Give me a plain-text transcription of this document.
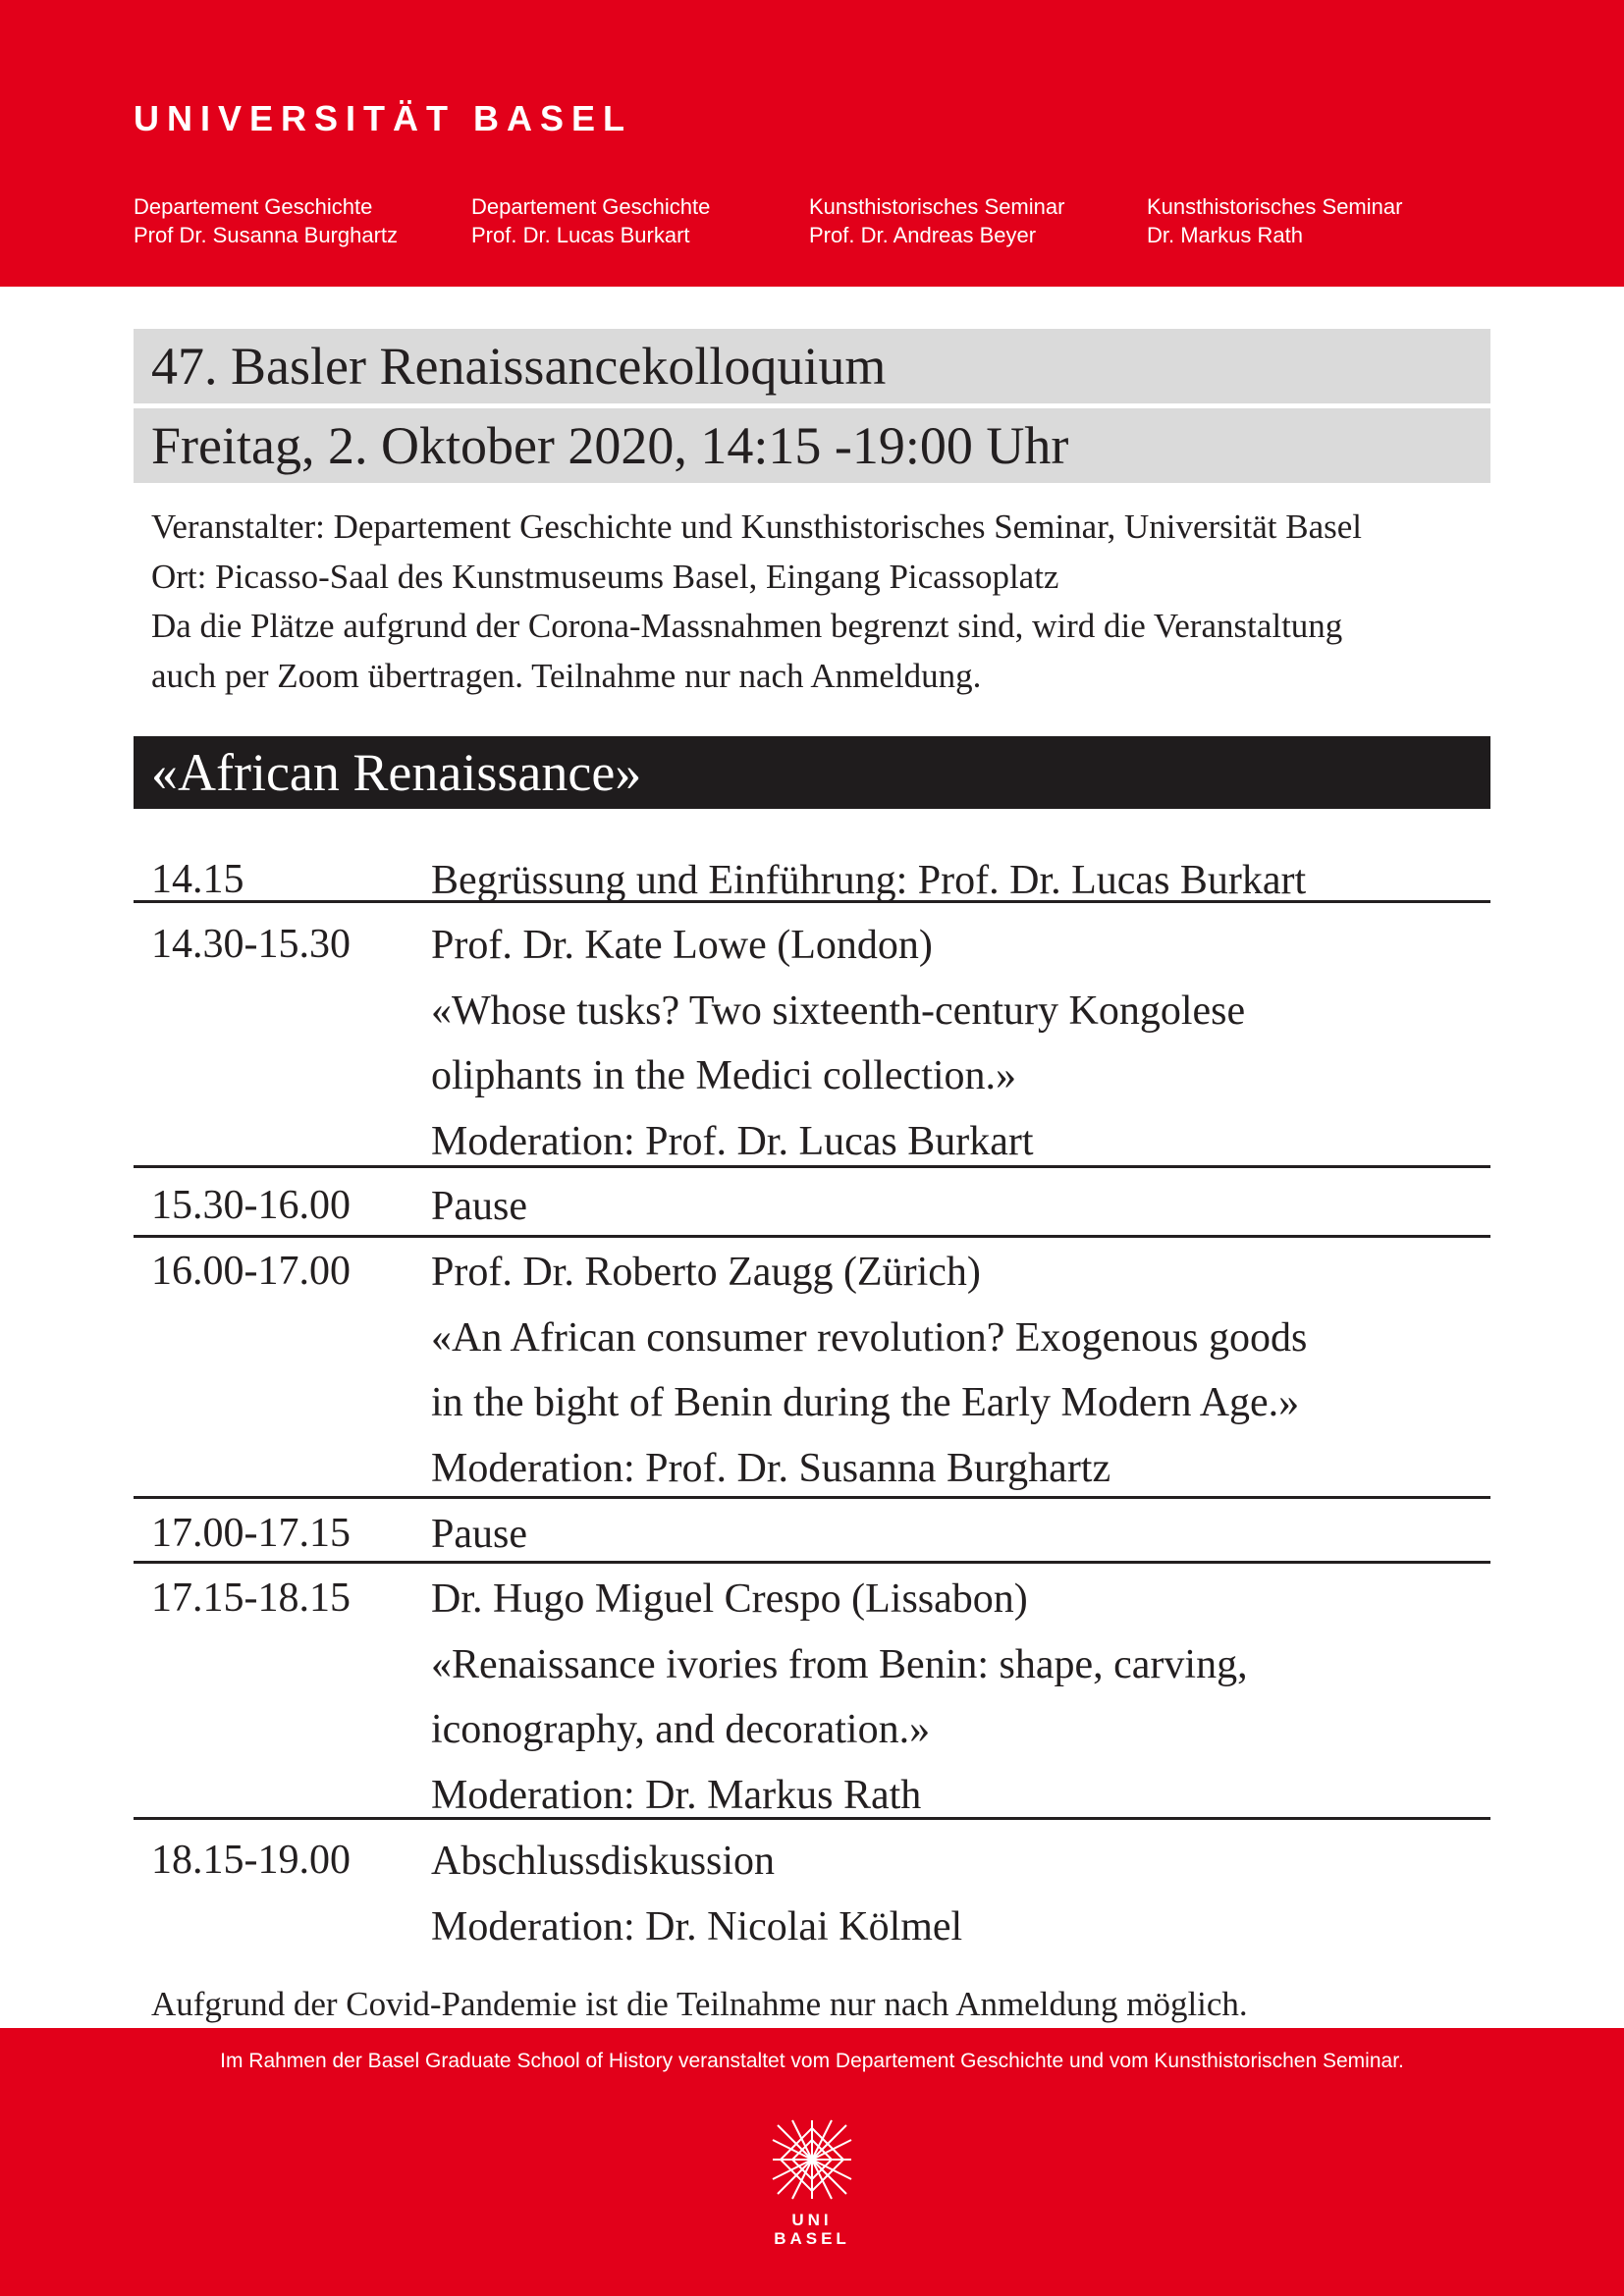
UNIVERSITÄT BASEL
Departement Geschichte
Prof Dr. Susanna Burghartz
Departement Geschichte
Prof. Dr. Lucas Burkart
Kunsthistorisches Seminar
Prof. Dr. Andreas Beyer
Kunsthistorisches Seminar
Dr. Markus Rath
47. Basler Renaissancekolloquium
Freitag, 2. Oktober 2020, 14:15 -19:00 Uhr
Veranstalter: Departement Geschichte und Kunsthistorisches Seminar, Universität Basel
Ort: Picasso-Saal des Kunstmuseums Basel, Eingang Picassoplatz
Da die Plätze aufgrund der Corona-Massnahmen begrenzt sind, wird die Veranstaltung
auch per Zoom übertragen. Teilnahme nur nach Anmeldung.
«African Renaissance»
14.15	Begrüssung und Einführung: Prof. Dr. Lucas Burkart
14.30-15.30 Prof. Dr. Kate Lowe (London)
«Whose tusks? Two sixteenth-century Kongolese
oliphants in the Medici collection.»
Moderation: Prof. Dr. Lucas Burkart
15.30-16.00 Pause
16.00-17.00 Prof. Dr. Roberto Zaugg (Zürich)
«An African consumer revolution? Exogenous goods
in the bight of Benin during the Early Modern Age.»
Moderation: Prof. Dr. Susanna Burghartz
17.00-17.15 Pause
17.15-18.15 Dr. Hugo Miguel Crespo (Lissabon)
«Renaissance ivories from Benin: shape, carving,
iconography, and decoration.»
Moderation: Dr. Markus Rath
18.15-19.00 Abschlussdiskussion
Moderation: Dr. Nicolai Kölmel
Aufgrund der Covid-Pandemie ist die Teilnahme nur nach Anmeldung möglich.
Im Rahmen der Basel Graduate School of History veranstaltet vom Departement Geschichte und vom Kunsthistorischen Seminar.
UNI
BASEL
